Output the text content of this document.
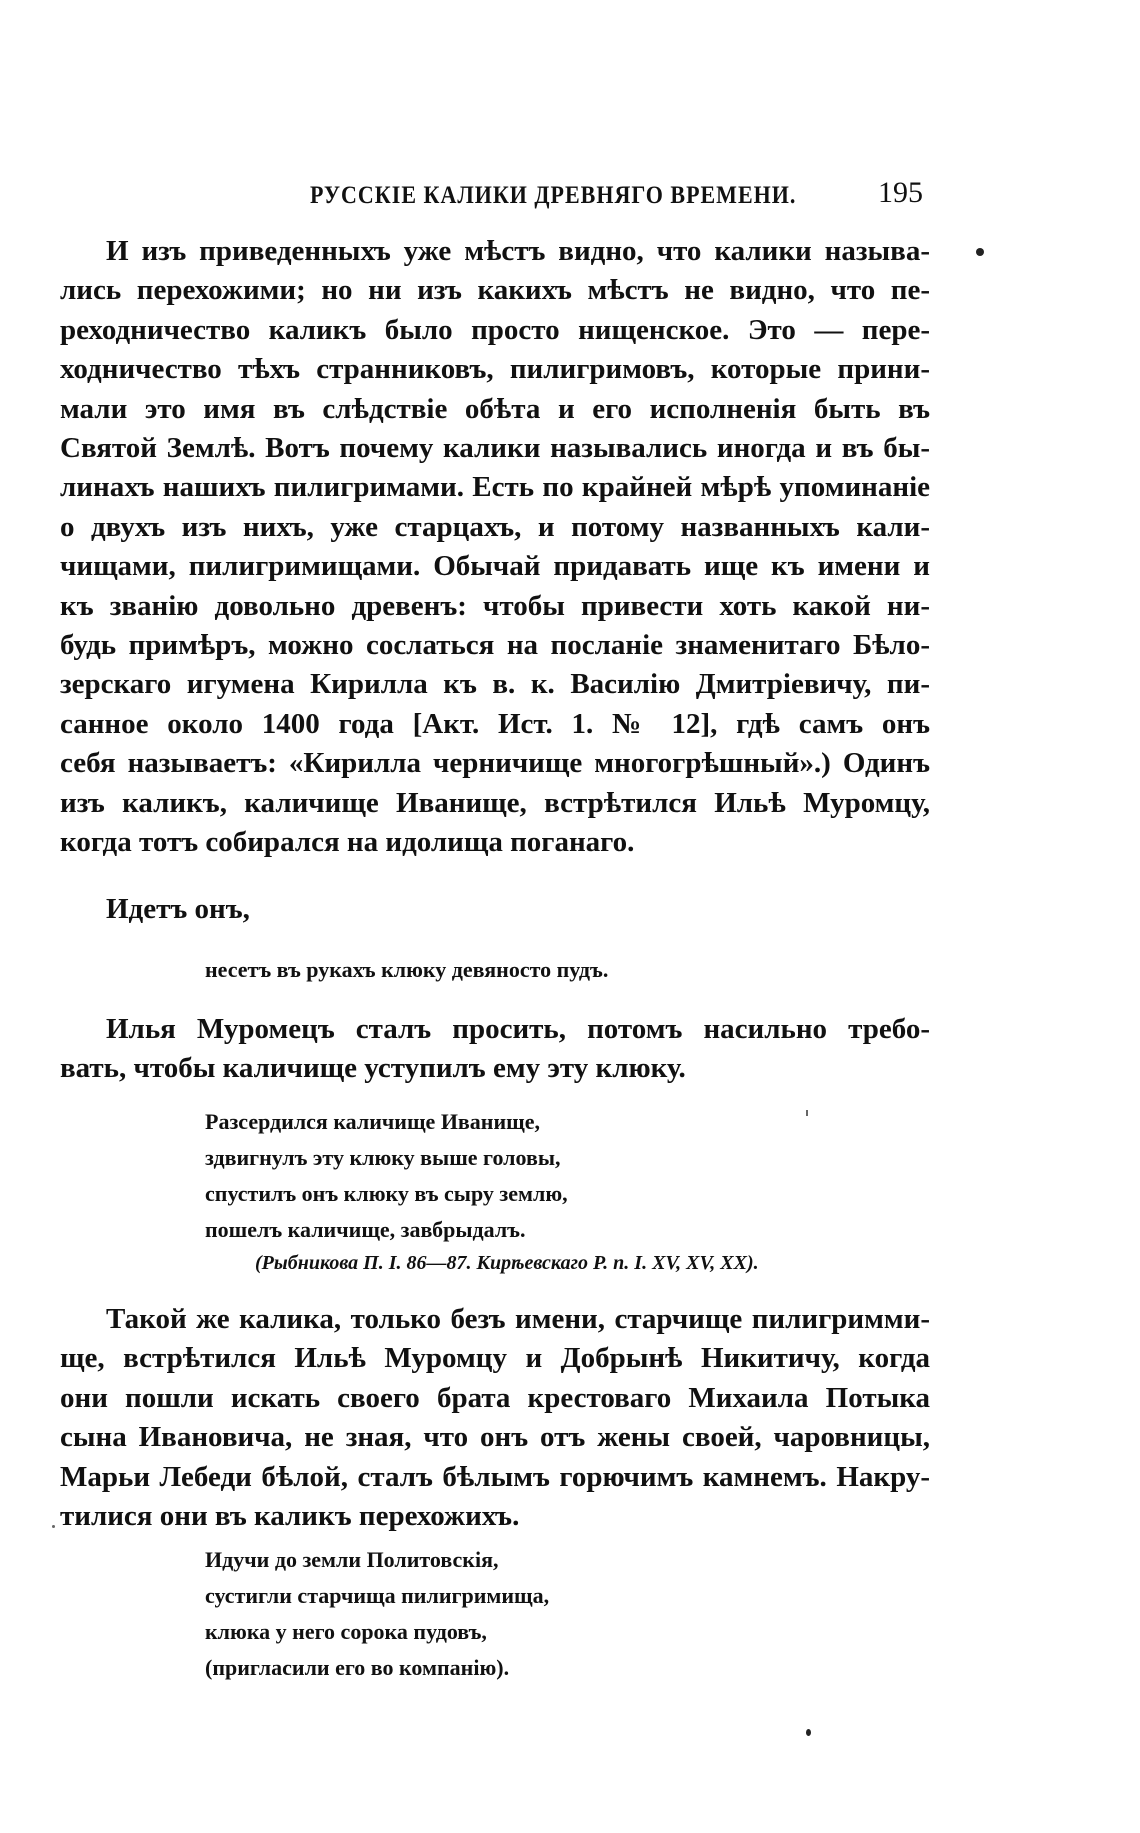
РУССКІЕ КАЛИКИ ДРЕВНЯГО ВРЕМЕНИ.	195
И изъ приведенныхъ уже мѣстъ видно, что калики называ-
лись перехожими; но ни изъ какихъ мѣстъ не видно, что пе-
реходничество каликъ было просто нищенское. Это — пере-
ходничество тѣхъ странниковъ, пилигримовъ, которые прини-
мали это имя въ слѣдствіе обѣта и его исполненія быть въ
Святой Землѣ. Вотъ почему калики назывались иногда и въ бы-
линахъ нашихъ пилигримами. Есть по крайней мѣрѣ упоминаніе
о двухъ изъ нихъ, уже старцахъ, и потому названныхъ кали-
чищами, пилигримищами. Обычай придавать ище къ имени и
къ званію довольно древенъ: чтобы привести хоть какой ни-
будь примѣръ, можно сослаться на посланіе знаменитаго Бѣло-
зерскаго игумена Кирилла къ в. к. Василію Дмитріевичу, пи-
санное около 1400 года [Акт. Ист. 1. № 12], гдѣ самъ онъ
себя называетъ: «Кирилла черничище многогрѣшный».) Одинъ
изъ каликъ, каличище Иванище, встрѣтился Ильѣ Муромцу,
когда тотъ собирался на идолища поганаго.
Идетъ онъ,
несетъ въ рукахъ клюку девяносто пудъ.
Илья Муромецъ сталъ просить, потомъ насильно требо-
вать, чтобы каличище уступилъ ему эту клюку.
Разсердился каличище Иванище,
здвигнулъ эту клюку выше головы,
спустилъ онъ клюку въ сыру землю,
пошелъ каличище, завбрыдалъ.
(Рыбникова П. I. 86—87. Кирѣевскаго Р. п. I. XV, XV, XX).
Такой же калика, только безъ имени, старчище пилигримми-
ще, встрѣтился Ильѣ Муромцу и Добрынѣ Никитичу, когда
они пошли искать своего брата крестоваго Михаила Потыка
сына Ивановича, не зная, что онъ отъ жены своей, чаровницы,
Марьи Лебеди бѣлой, сталъ бѣлымъ горючимъ камнемъ. Накру-
тилися они въ каликъ перехожихъ.
Идучи до земли Политовскія,
сустигли старчища пилигримища,
клюка у него сорока пудовъ,
(пригласили его во компанію).
